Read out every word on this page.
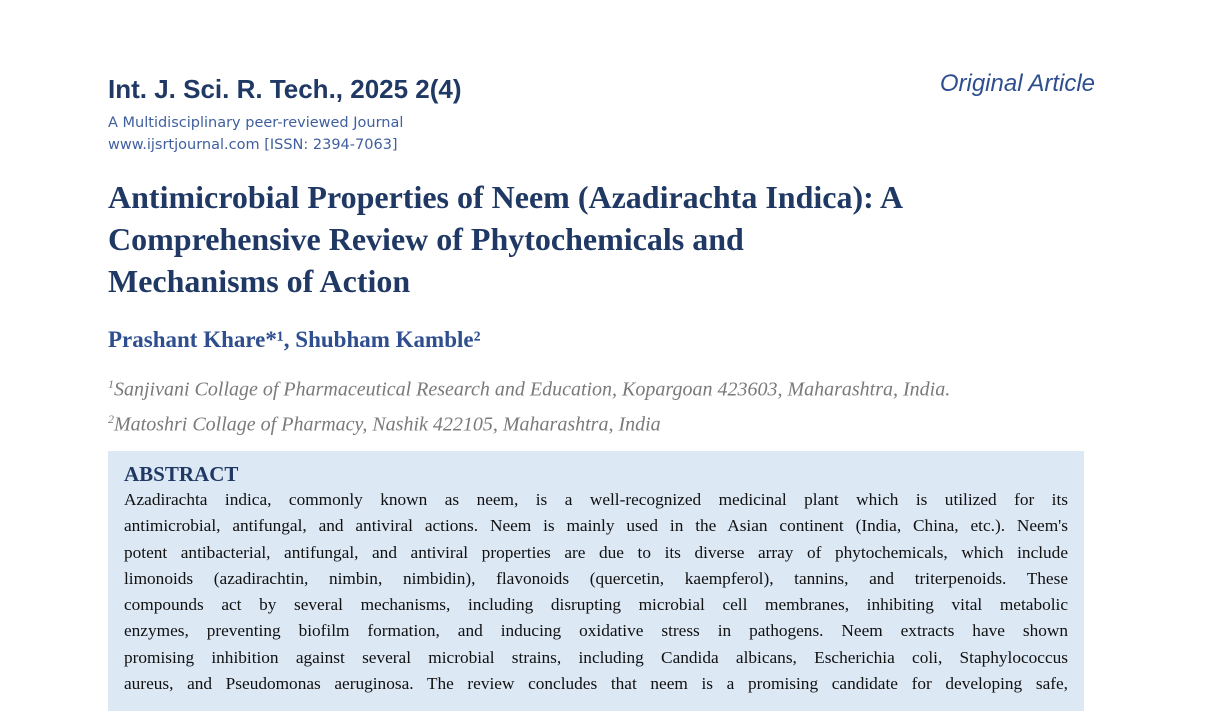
Int. J. Sci. R. Tech., 2025 2(4)	Original Article
A Multidisciplinary peer-reviewed Journal
www.ijsrtjournal.com [ISSN: 2394-7063]
Antimicrobial Properties of Neem (Azadirachta Indica): A
Comprehensive Review of Phytochemicals and
Mechanisms of Action
Prashant Khare*¹, Shubham Kamble²
$^1$Sanjivani Collage of Pharmaceutical Research and Education, Kopargoan 423603, Maharashtra, India.
$^2$Matoshri Collage of Pharmacy, Nashik 422105, Maharashtra, India
ABSTRACT
Azadirachta indica, commonly known as neem, is a well-recognized medicinal plant which is utilized for its
antimicrobial, antifungal, and antiviral actions. Neem is mainly used in the Asian continent (India, China, etc.). Neem's
potent antibacterial, antifungal, and antiviral properties are due to its diverse array of phytochemicals, which include
limonoids (azadirachtin, nimbin, nimbidin), flavonoids (quercetin, kaempferol), tannins, and triterpenoids. These
compounds act by several mechanisms, including disrupting microbial cell membranes, inhibiting vital metabolic
enzymes, preventing biofilm formation, and inducing oxidative stress in pathogens. Neem extracts have shown
promising inhibition against several microbial strains, including Candida albicans, Escherichia coli, Staphylococcus
aureus, and Pseudomonas aeruginosa. The review concludes that neem is a promising candidate for developing safe,
